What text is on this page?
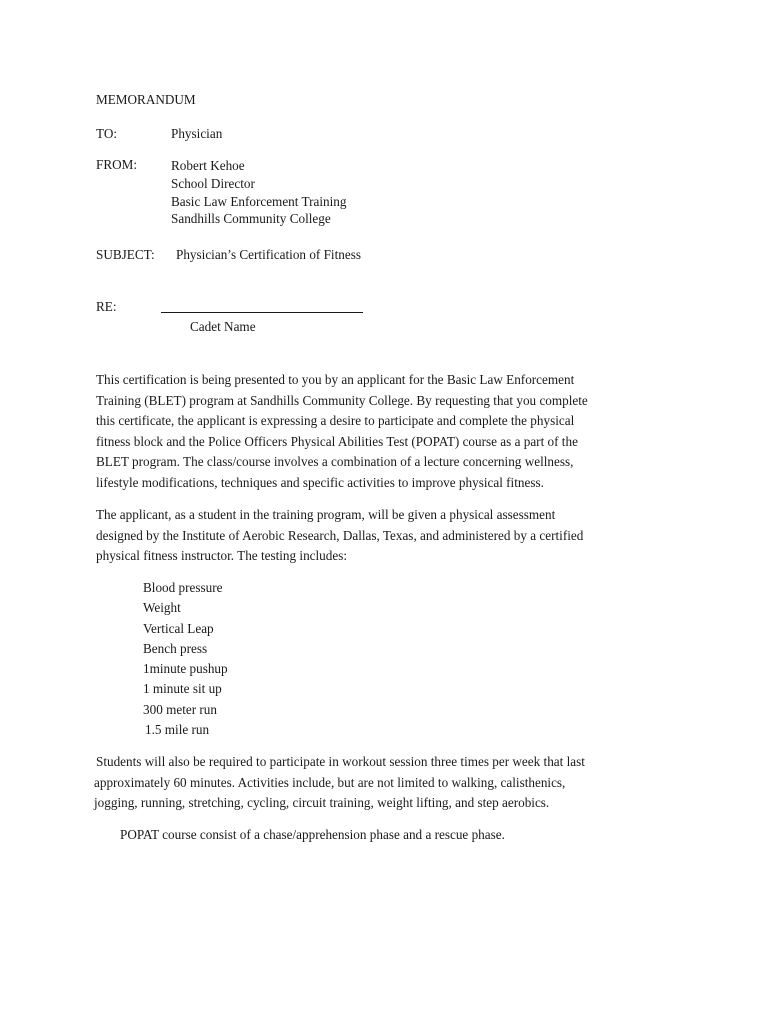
MEMORANDUM
TO:	Physician
FROM:	Robert Kehoe
School Director
Basic Law Enforcement Training
Sandhills Community College
SUBJECT: Physician’s Certification of Fitness
RE:
Cadet Name
This certification is being presented to you by an applicant for the Basic Law Enforcement
Training (BLET) program at Sandhills Community College. By requesting that you complete
this certificate, the applicant is expressing a desire to participate and complete the physical
fitness block and the Police Officers Physical Abilities Test (POPAT) course as a part of the
BLET program. The class/course involves a combination of a lecture concerning wellness,
lifestyle modifications, techniques and specific activities to improve physical fitness.
The applicant, as a student in the training program, will be given a physical assessment
designed by the Institute of Aerobic Research, Dallas, Texas, and administered by a certified
physical fitness instructor. The testing includes:
Blood pressure
Weight
Vertical Leap
Bench press
1minute pushup
1 minute sit up
300 meter run
1.5 mile run
Students will also be required to participate in workout session three times per week that last
approximately 60 minutes. Activities include, but are not limited to walking, calisthenics,
jogging, running, stretching, cycling, circuit training, weight lifting, and step aerobics.
POPAT course consist of a chase/apprehension phase and a rescue phase.
